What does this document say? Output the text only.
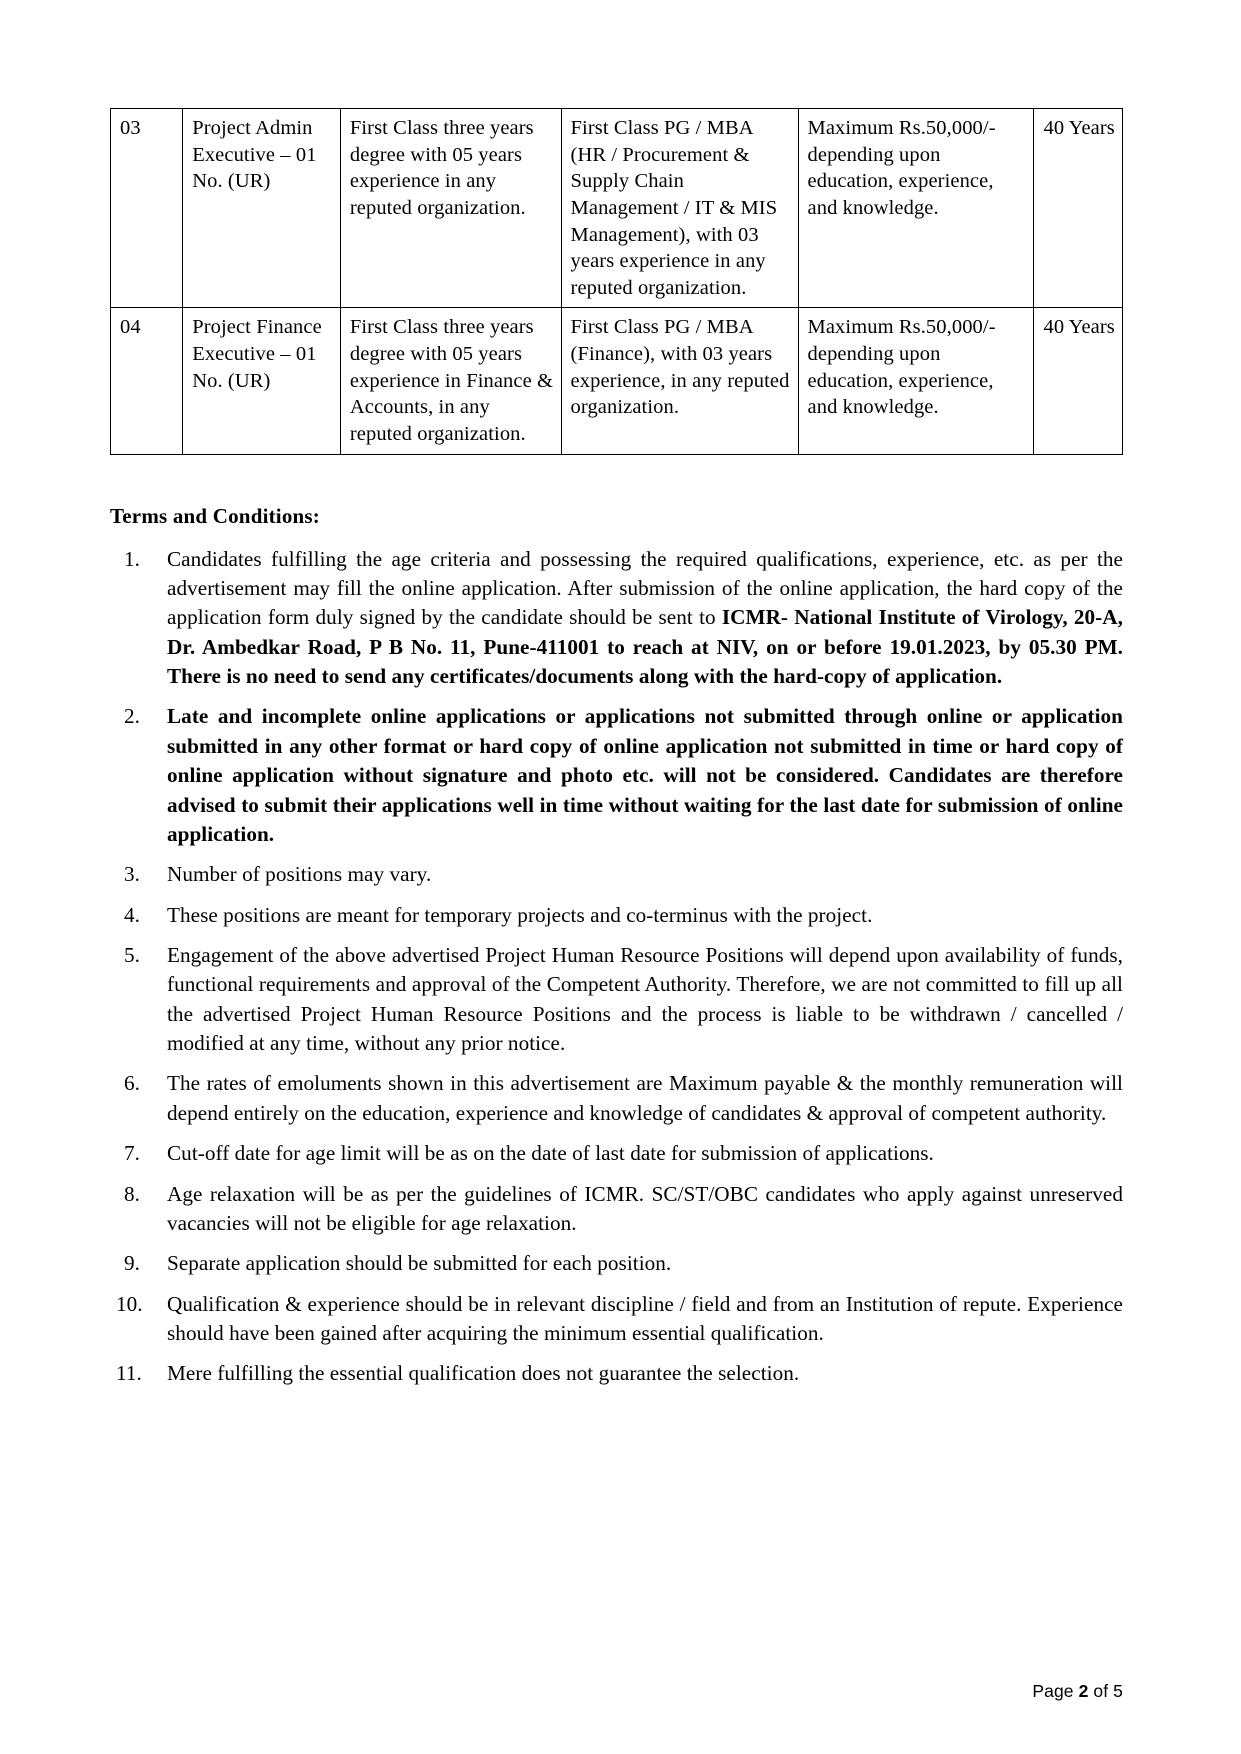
03	Project Admin Executive – 01 No. (UR)	First Class three years degree with 05 years experience in any reputed organization.	First Class PG / MBA (HR / Procurement & Supply Chain Management / IT & MIS Management), with 03 years experience in any reputed organization.	Maximum Rs.50,000/- depending upon education, experience, and knowledge.	40 Years
04	Project Finance Executive – 01 No. (UR)	First Class three years degree with 05 years experience in Finance & Accounts, in any reputed organization.	First Class PG / MBA (Finance), with 03 years experience, in any reputed organization.	Maximum Rs.50,000/- depending upon education, experience, and knowledge.	40 Years
Terms and Conditions:
Candidates fulfilling the age criteria and possessing the required qualifications, experience, etc. as per the advertisement may fill the online application. After submission of the online application, the hard copy of the application form duly signed by the candidate should be sent to ICMR- National Institute of Virology, 20-A, Dr. Ambedkar Road, P B No. 11, Pune-411001 to reach at NIV, on or before 19.01.2023, by 05.30 PM. There is no need to send any certificates/documents along with the hard-copy of application.
Late and incomplete online applications or applications not submitted through online or application submitted in any other format or hard copy of online application not submitted in time or hard copy of online application without signature and photo etc. will not be considered. Candidates are therefore advised to submit their applications well in time without waiting for the last date for submission of online application.
Number of positions may vary.
These positions are meant for temporary projects and co-terminus with the project.
Engagement of the above advertised Project Human Resource Positions will depend upon availability of funds, functional requirements and approval of the Competent Authority. Therefore, we are not committed to fill up all the advertised Project Human Resource Positions and the process is liable to be withdrawn / cancelled / modified at any time, without any prior notice.
The rates of emoluments shown in this advertisement are Maximum payable & the monthly remuneration will depend entirely on the education, experience and knowledge of candidates & approval of competent authority.
Cut-off date for age limit will be as on the date of last date for submission of applications.
Age relaxation will be as per the guidelines of ICMR. SC/ST/OBC candidates who apply against unreserved vacancies will not be eligible for age relaxation.
Separate application should be submitted for each position.
Qualification & experience should be in relevant discipline / field and from an Institution of repute. Experience should have been gained after acquiring the minimum essential qualification.
Mere fulfilling the essential qualification does not guarantee the selection.
Page 2 of 5
